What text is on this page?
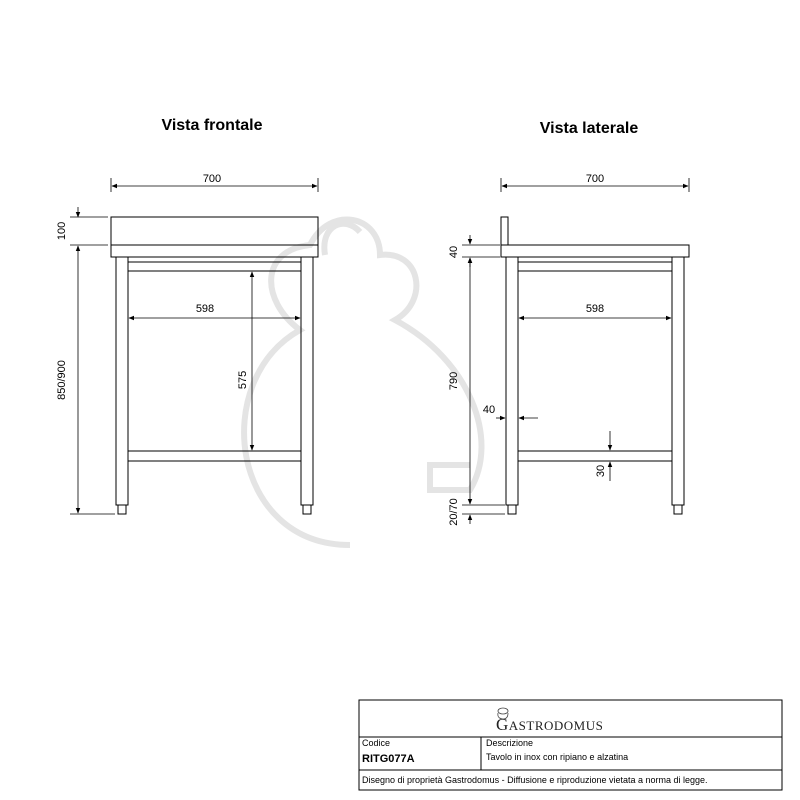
Vista frontale
700
100
850/900
598
575
Vista laterale
700
40
790
20/70
598
40
30
GASTRODOMUS
Codice
RITG077A
Descrizione
Tavolo in inox con ripiano e alzatina
Disegno di proprietà Gastrodomus - Diffusione e riproduzione vietata a norma di legge.
